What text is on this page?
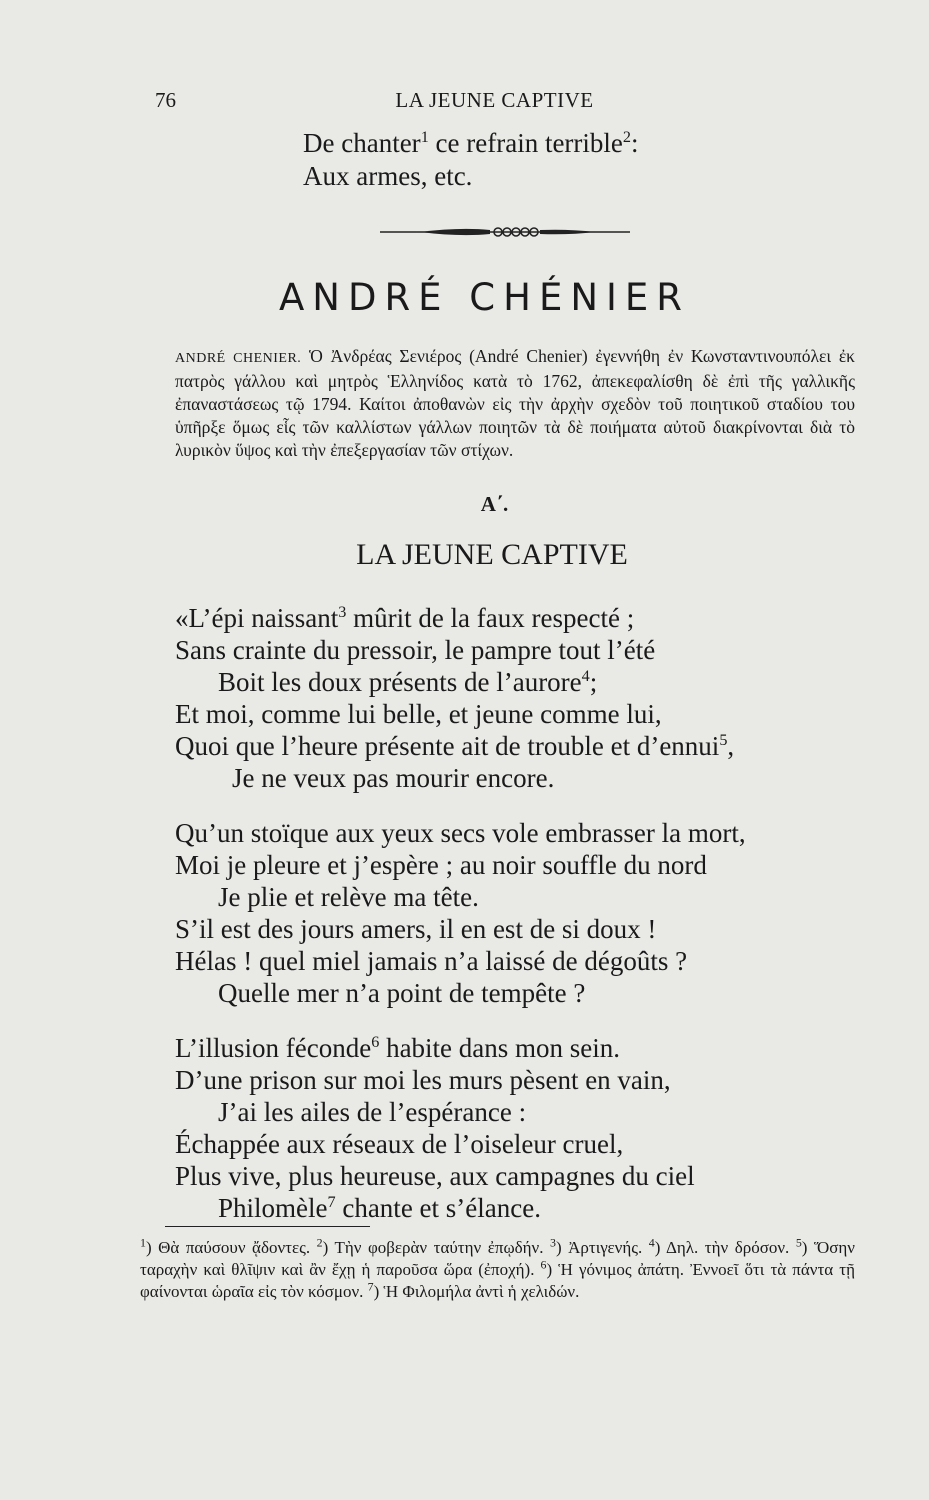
76	LA JEUNE CAPTIVE
De chanter$^1$ ce refrain terrible$^2$:
Aux armes, etc.
ANDRÉ CHÉNIER
ANDRÉ CHENIER. Ὁ Ἀνδρέας Σενιέρος (André Chenier) ἐγεννήθη ἐν Κωνσταντινουπόλει ἐκ πατρὸς γάλλου καὶ μητρὸς Ἑλληνίδος κατὰ τὸ 1762, ἀπεκεφαλίσθη δὲ ἐπὶ τῆς γαλλικῆς ἐπαναστάσεως τῷ 1794. Καίτοι ἀποθανὼν εἰς τὴν ἀρχὴν σχεδὸν τοῦ ποιητικοῦ σταδίου του ὑπῆρξε ὅμως εἷς τῶν καλλίστων γάλλων ποιητῶν τὰ δὲ ποιήματα αὐτοῦ διακρίνονται διὰ τὸ λυρικὸν ὕψος καὶ τὴν ἐπεξεργασίαν τῶν στίχων.
Α΄.
LA JEUNE CAPTIVE
«L’épi naissant$^3$ mûrit de la faux respecté ;
Sans crainte du pressoir, le pampre tout l’été
Boit les doux présents de l’aurore$^4$;
Et moi, comme lui belle, et jeune comme lui,
Quoi que l’heure présente ait de trouble et d’ennui$^5$,
Je ne veux pas mourir encore.
Qu’un stoïque aux yeux secs vole embrasser la mort,
Moi je pleure et j’espère ; au noir souffle du nord
Je plie et relève ma tête.
S’il est des jours amers, il en est de si doux !
Hélas ! quel miel jamais n’a laissé de dégoûts ?
Quelle mer n’a point de tempête ?
L’illusion féconde$^6$ habite dans mon sein.
D’une prison sur moi les murs pèsent en vain,
J’ai les ailes de l’espérance :
Échappée aux réseaux de l’oiseleur cruel,
Plus vive, plus heureuse, aux campagnes du ciel
Philomèle$^7$ chante et s’élance.
$^1$) Θὰ παύσουν ᾄδοντες. $^2$) Τὴν φοβερὰν ταύτην ἐπῳδήν. $^3$) Ἀρτιγενής. $^4$) Δηλ. τὴν δρόσον. $^5$) Ὅσην ταραχὴν καὶ θλῖψιν καὶ ἂν ἔχῃ ἡ παροῦσα ὥρα (ἐποχή). $^6$) Ἡ γόνιμος ἀπάτη. Ἐννοεῖ ὅτι τὰ πάντα τῇ φαίνονται ὡραῖα εἰς τὸν κόσμον. $^7$) Ἡ Φιλομήλα ἀντὶ ἡ χελιδών.
